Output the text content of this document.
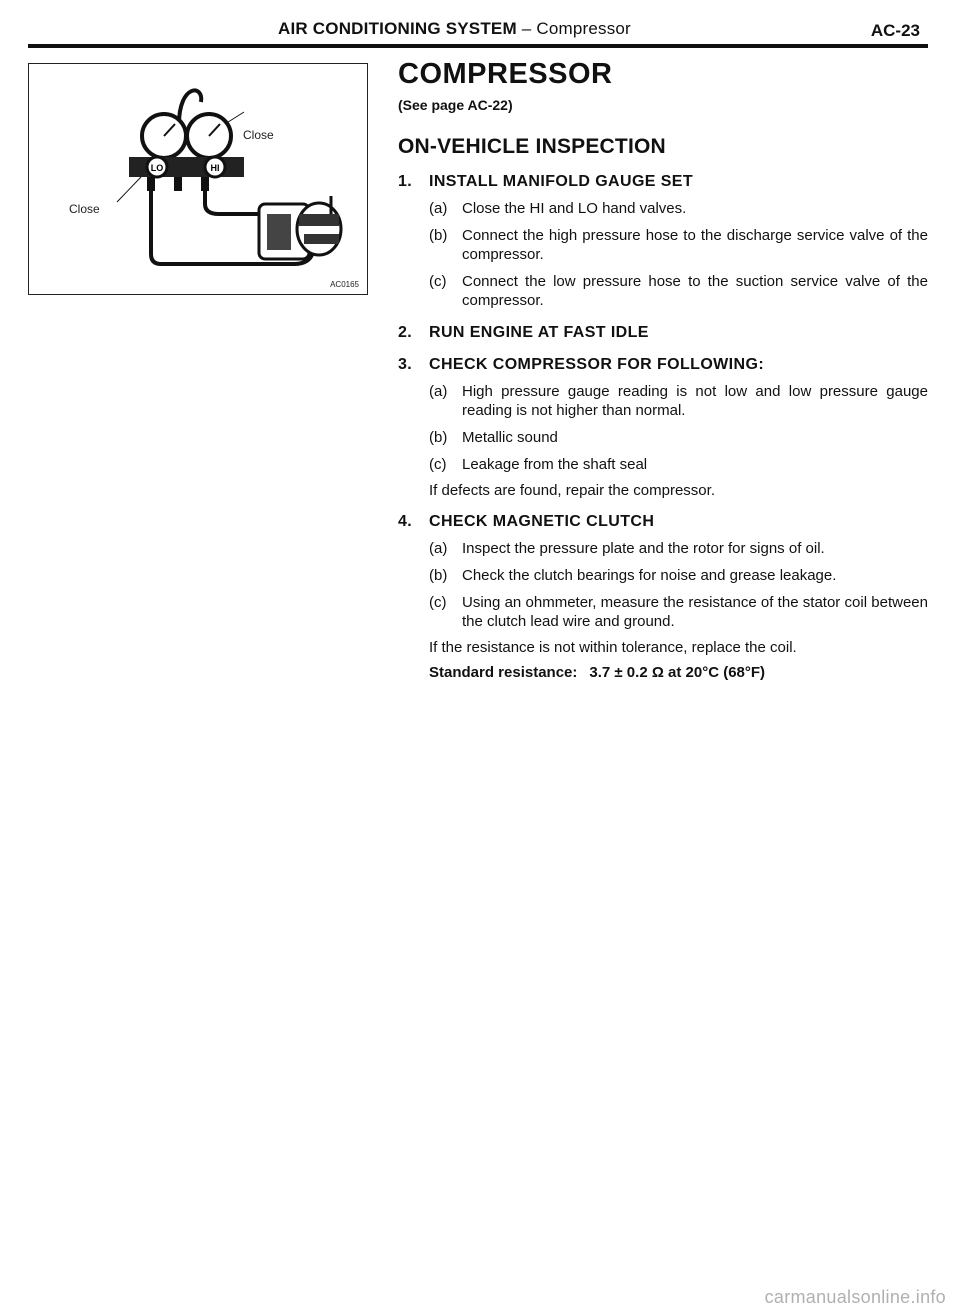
AIR CONDITIONING SYSTEM – Compressor	AC-23
LO	HI
Close
Close
AC0165
COMPRESSOR
(See page AC-22)
ON-VEHICLE INSPECTION
1.	INSTALL MANIFOLD GAUGE SET
(a) Close the HI and LO hand valves.
(b) Connect the high pressure hose to the discharge service valve of the compressor.
(c)	Connect the low pressure hose to the suction service valve of the compressor.
2.	RUN ENGINE AT FAST IDLE
3.	CHECK COMPRESSOR FOR FOLLOWING:
(a) High pressure gauge reading is not low and low pressure gauge reading is not higher than normal.
(b) Metallic sound
(c)	Leakage from the shaft seal
If defects are found, repair the compressor.
4.	CHECK MAGNETIC CLUTCH
(a) Inspect the pressure plate and the rotor for signs of oil.
(b) Check the clutch bearings for noise and grease leakage.
(c)	Using an ohmmeter, measure the resistance of the stator coil between the clutch lead wire and ground.
If the resistance is not within tolerance, replace the coil.
Standard resistance: 3.7 ± 0.2 Ω at 20°C (68°F)
carmanualsonline.info
